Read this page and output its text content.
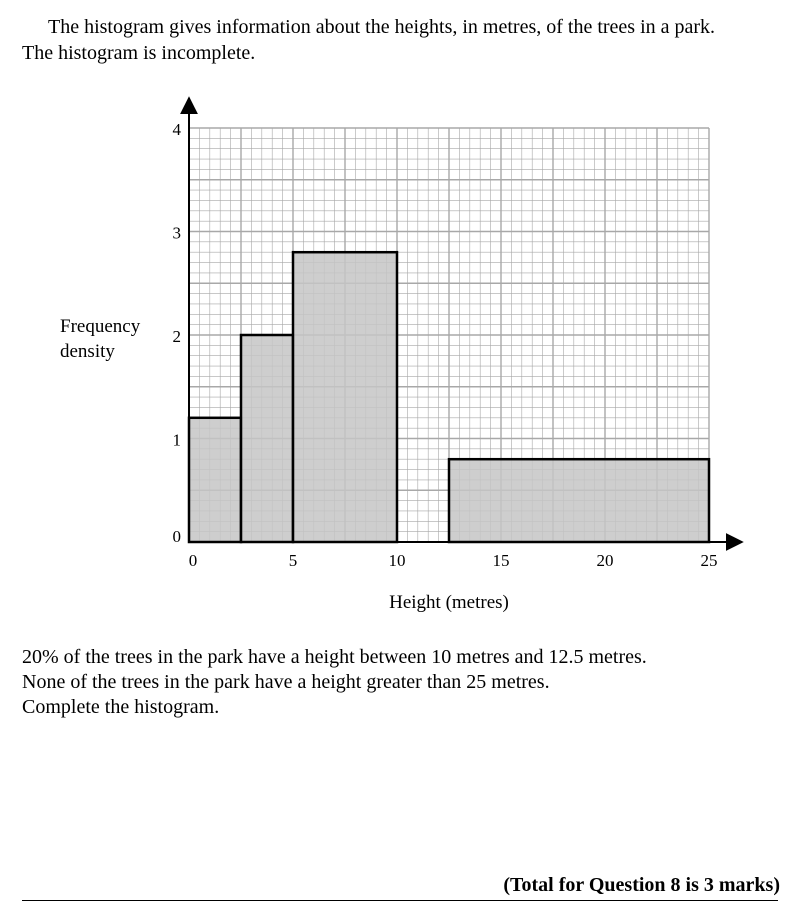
The histogram gives information about the heights, in metres, of the trees in a park.

The histogram is incomplete.

0	5	10	15	20	25
0
1
2
3
4
Frequency
density
Height (metres)

20% of the trees in the park have a height between 10 metres and 12.5 metres.

None of the trees in the park have a height greater than 25 metres.

Complete the histogram.

(Total for Question 8 is 3 marks)
